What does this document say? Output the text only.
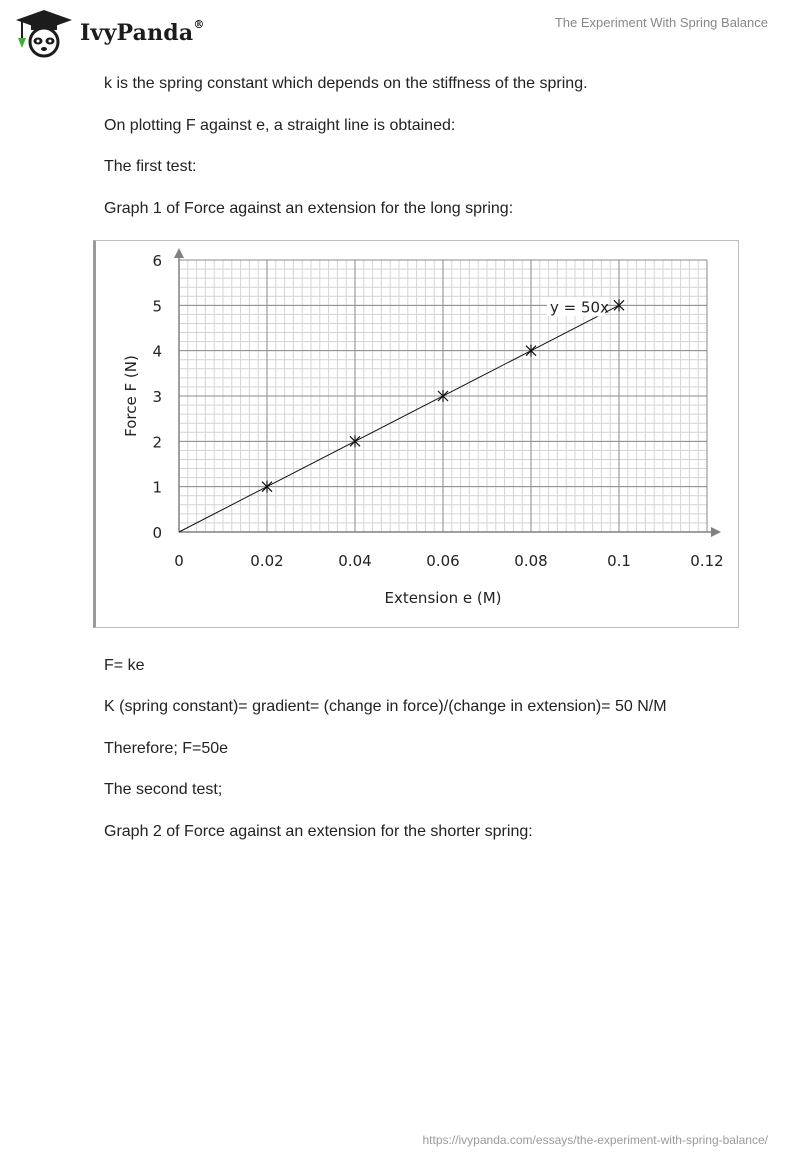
IvyPanda®	The Experiment With Spring Balance
k is the spring constant which depends on the stiffness of the spring.
On plotting F against e, a straight line is obtained:
The first test:
Graph 1 of Force against an extension for the long spring:
0	0.02	0.04	0.06	0.08	0.1	0.12
0
1
2
3
4
5
6
Extension e (M)
Force F (N)
y = 50x
F= ke
K (spring constant)= gradient= (change in force)/(change in extension)= 50 N/M
Therefore; F=50e
The second test;
Graph 2 of Force against an extension for the shorter spring:
https://ivypanda.com/essays/the-experiment-with-spring-balance/
